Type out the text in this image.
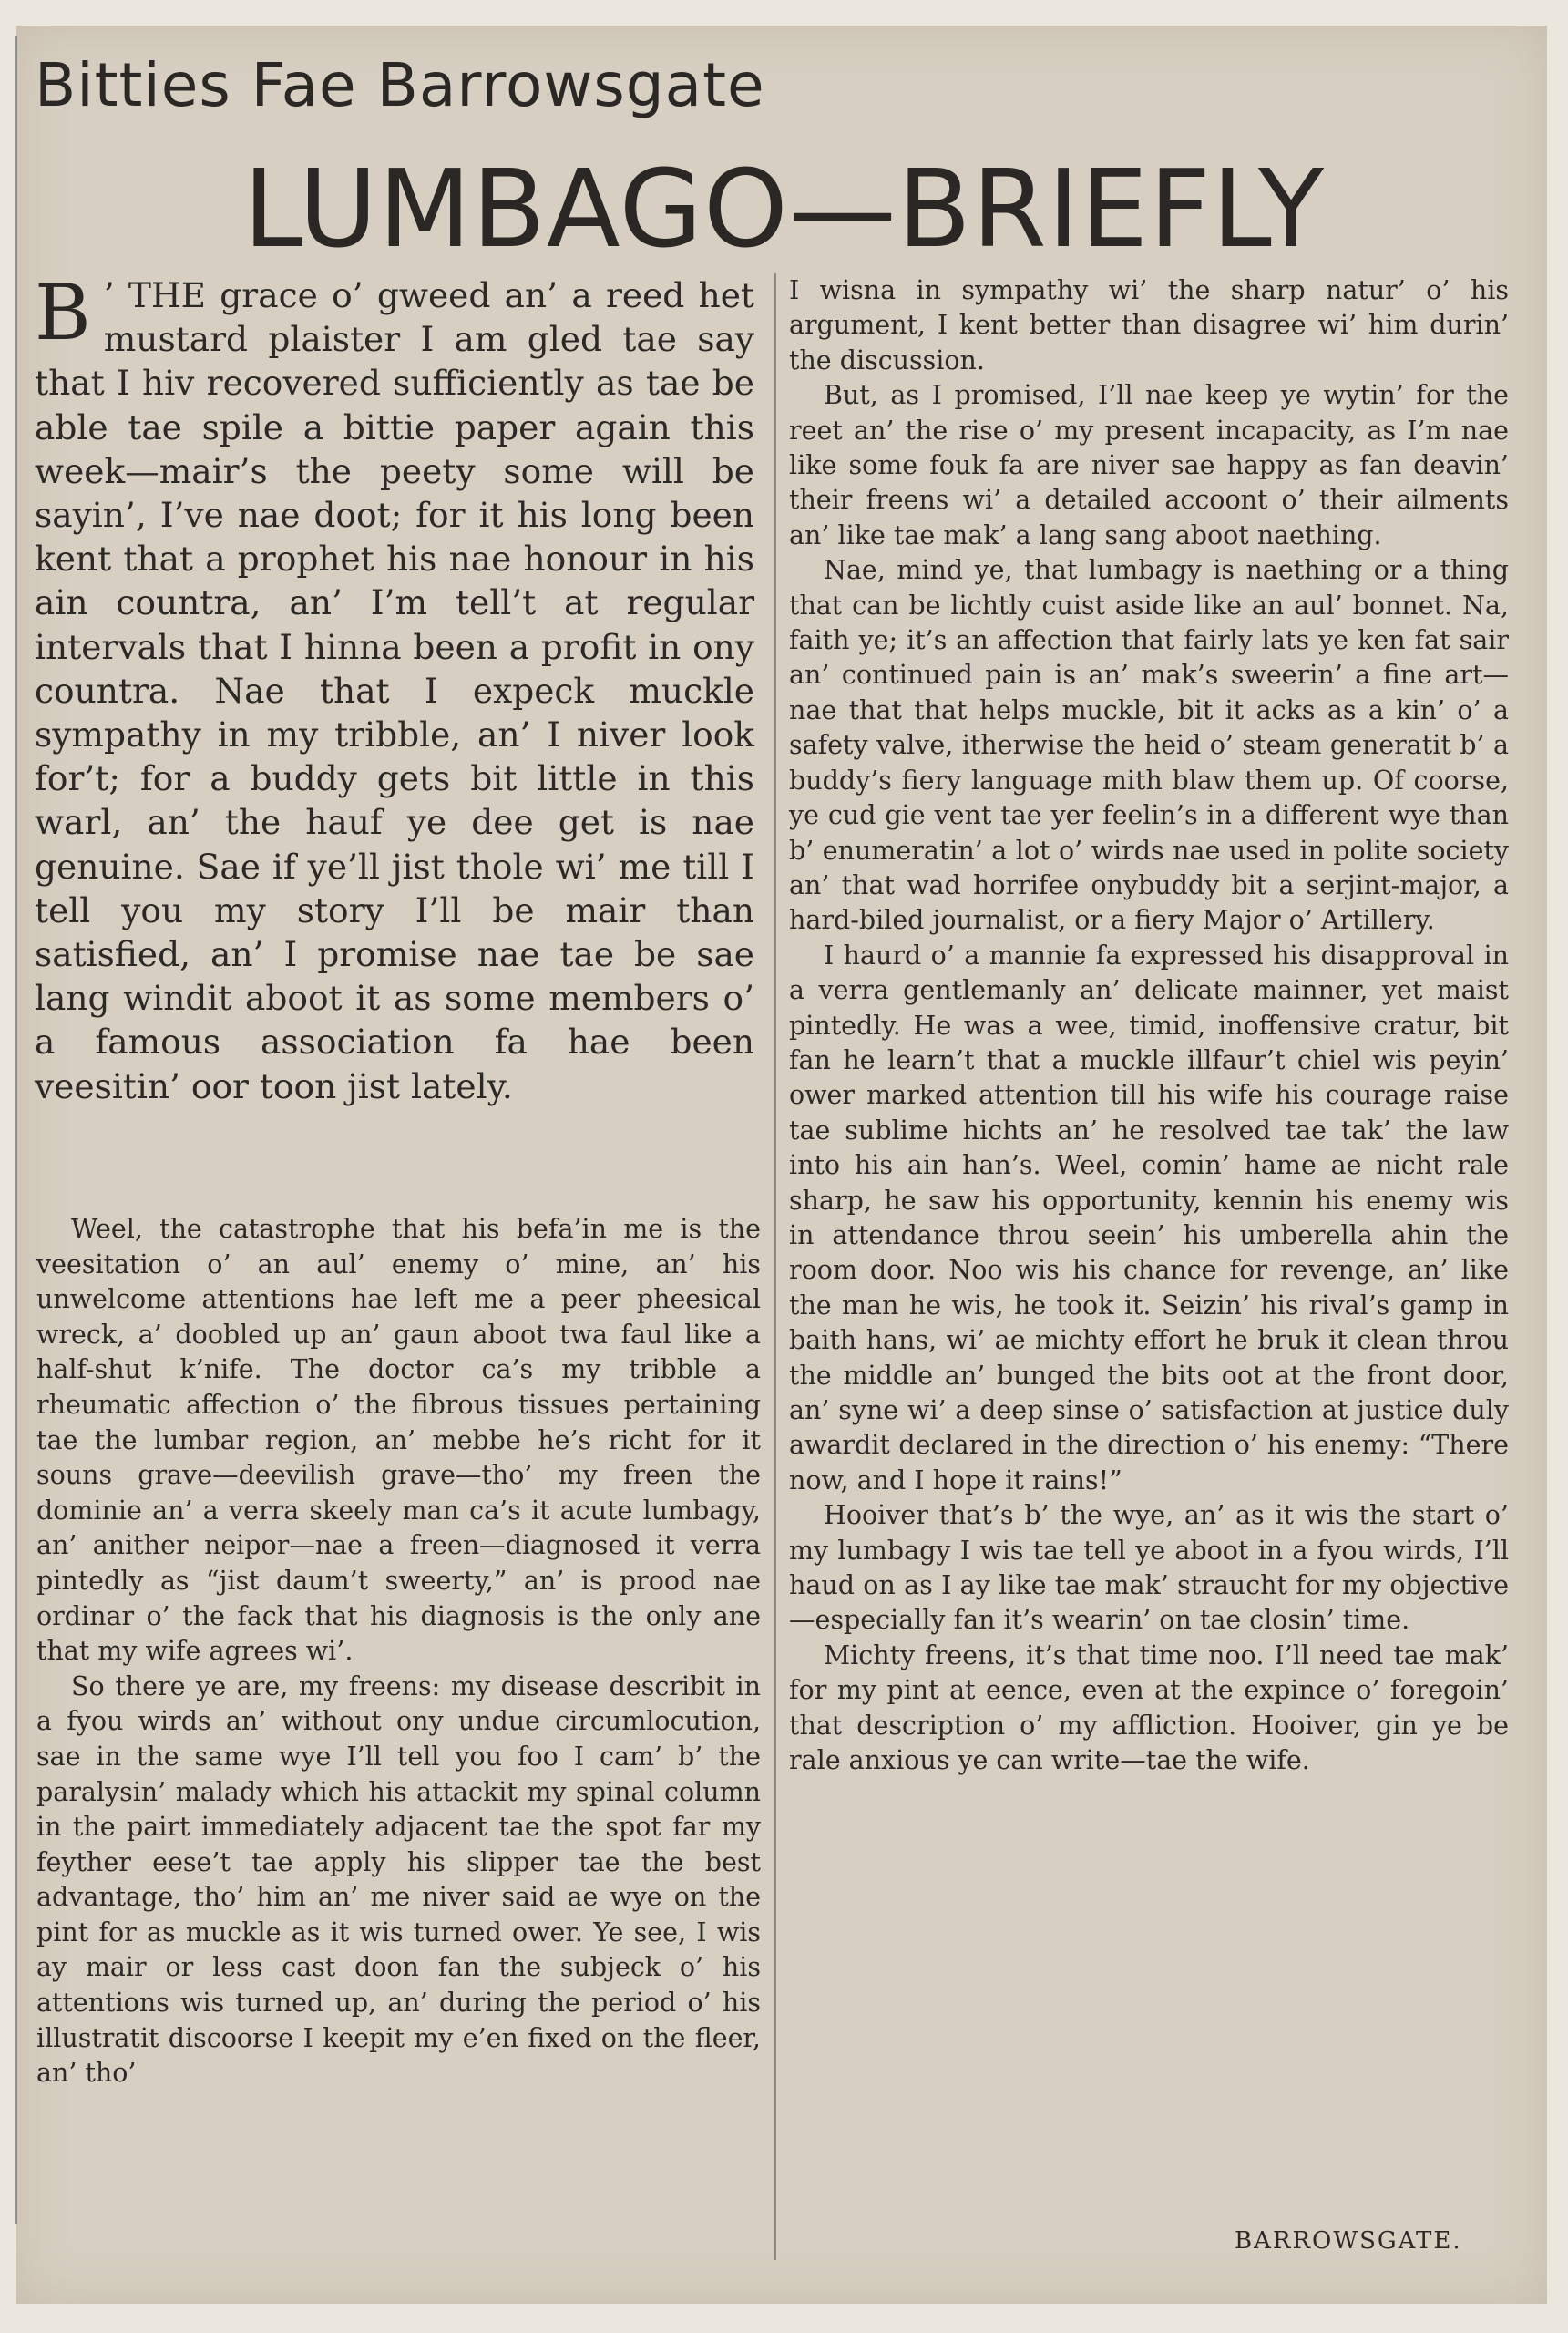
Bitties Fae Barrowsgate
LUMBAGO—BRIEFLY
B ’ THE grace o’ gweed an’ a reed het mustard plaister I am gled tae say that I hiv recovered sufficiently as tae be able tae spile a bittie paper again this week—mair’s the peety some will be sayin’, I’ve nae doot; for it his long been kent that a prophet his nae honour in his ain countra, an’ I’m tell’t at regular intervals that I hinna been a profit in ony countra. Nae that I expeck muckle sympathy in my tribble, an’ I niver look for’t; for a buddy gets bit little in this warl, an’ the hauf ye dee get is nae genuine. Sae if ye’ll jist thole wi’ me till I tell you my story I’ll be mair than satisfied, an’ I promise nae tae be sae lang windit aboot it as some members o’ a famous association fa hae been veesitin’ oor toon jist lately.

Weel, the catastrophe that his befa’in me is the veesitation o’ an aul’ enemy o’ mine, an’ his unwelcome attentions hae left me a peer pheesical wreck, a’ doobled up an’ gaun aboot twa faul like a half-shut k’nife. The doctor ca’s my tribble a rheumatic affection o’ the fibrous tissues pertaining tae the lumbar region, an’ mebbe he’s richt for it souns grave—deevilish grave—tho’ my freen the dominie an’ a verra skeely man ca’s it acute lumbagy, an’ anither neipor—nae a freen—diagnosed it verra pintedly as “jist daum’t sweerty,” an’ is prood nae ordinar o’ the fack that his diagnosis is the only ane that my wife agrees wi’.

So there ye are, my freens: my disease describit in a fyou wirds an’ without ony undue circumlocution, sae in the same wye I’ll tell you foo I cam’ b’ the paralysin’ malady which his attackit my spinal column in the pairt immediately adjacent tae the spot far my feyther eese’t tae apply his slipper tae the best advantage, tho’ him an’ me niver said ae wye on the pint for as muckle as it wis turned ower. Ye see, I wis ay mair or less cast doon fan the subjeck o’ his attentions wis turned up, an’ during the period o’ his illustratit discoorse I keepit my e’en fixed on the fleer, an’ tho’

I wisna in sympathy wi’ the sharp natur’ o’ his argument, I kent better than disagree wi’ him durin’ the discussion.

But, as I promised, I’ll nae keep ye wytin’ for the reet an’ the rise o’ my present incapacity, as I’m nae like some fouk fa are niver sae happy as fan deavin’ their freens wi’ a detailed accoont o’ their ailments an’ like tae mak’ a lang sang aboot naething.

Nae, mind ye, that lumbagy is naething or a thing that can be lichtly cuist aside like an aul’ bonnet. Na, faith ye; it’s an affection that fairly lats ye ken fat sair an’ continued pain is an’ mak’s sweerin’ a fine art—nae that that helps muckle, bit it acks as a kin’ o’ a safety valve, itherwise the heid o’ steam generatit b’ a buddy’s fiery language mith blaw them up. Of coorse, ye cud gie vent tae yer feelin’s in a different wye than b’ enumeratin’ a lot o’ wirds nae used in polite society an’ that wad horrifee onybuddy bit a serjint-major, a hard-biled journalist, or a fiery Major o’ Artillery.

I haurd o’ a mannie fa expressed his disapproval in a verra gentlemanly an’ delicate mainner, yet maist pintedly. He was a wee, timid, inoffensive cratur, bit fan he learn’t that a muckle illfaur’t chiel wis peyin’ ower marked attention till his wife his courage raise tae sublime hichts an’ he resolved tae tak’ the law into his ain han’s. Weel, comin’ hame ae nicht rale sharp, he saw his opportunity, kennin his enemy wis in attendance throu seein’ his umberella ahin the room door. Noo wis his chance for revenge, an’ like the man he wis, he took it. Seizin’ his rival’s gamp in baith hans, wi’ ae michty effort he bruk it clean throu the middle an’ bunged the bits oot at the front door, an’ syne wi’ a deep sinse o’ satisfaction at justice duly awardit declared in the direction o’ his enemy: “There now, and I hope it rains!”

Hooiver that’s b’ the wye, an’ as it wis the start o’ my lumbagy I wis tae tell ye aboot in a fyou wirds, I’ll haud on as I ay like tae mak’ straucht for my objective—especially fan it’s wearin’ on tae closin’ time.

Michty freens, it’s that time noo. I’ll need tae mak’ for my pint at eence, even at the expince o’ foregoin’ that description o’ my affliction. Hooiver, gin ye be rale anxious ye can write—tae the wife.

BARROWSGATE.
